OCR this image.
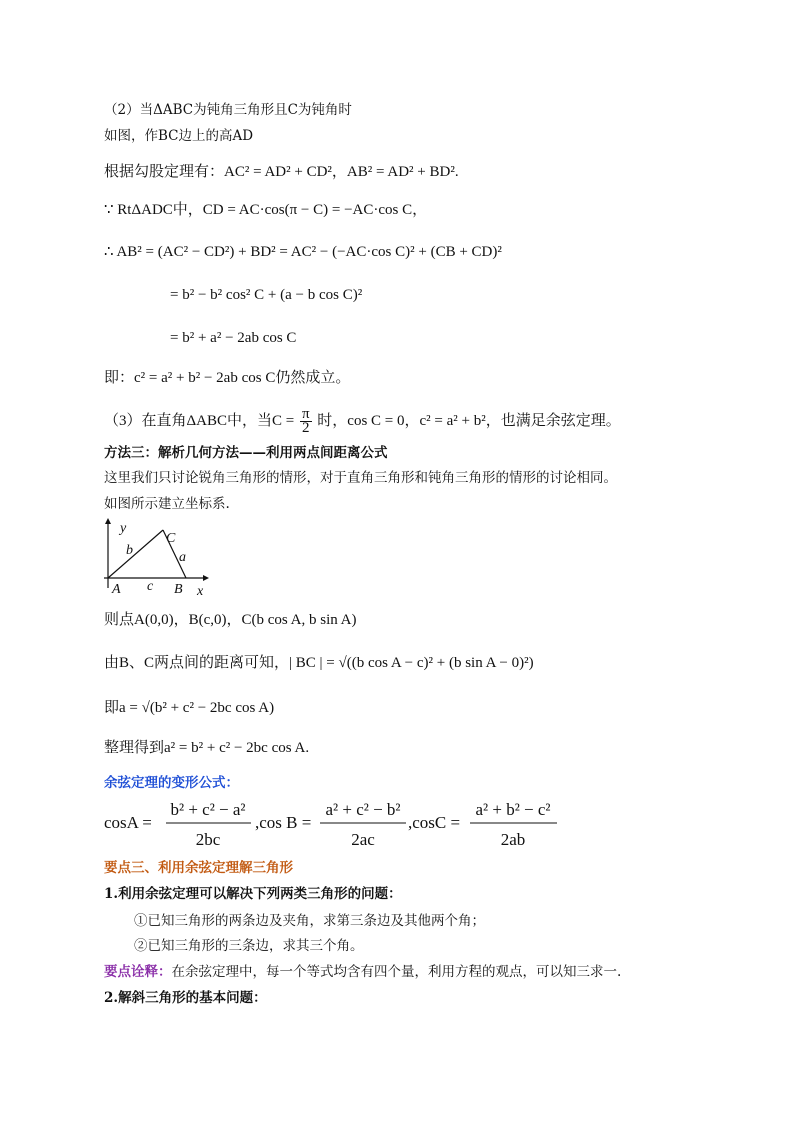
（2）当ΔABC为钝角三角形且C为钝角时
如图，作BC边上的高AD
根据勾股定理有：AC² = AD² + CD²，AB² = AD² + BD².
∵ RtΔADC中，CD = AC·cos(π − C) = −AC·cos C，
∴ AB² = (AC² − CD²) + BD² = AC² − (−AC·cos C)² + (CB + CD)²
= b² − b² cos² C + (a − b cos C)²
= b² + a² − 2ab cos C
即：c² = a² + b² − 2ab cos C仍然成立。
（3）在直角ΔABC中，当$C = \frac{\pi}{2}$ 时，cos C = 0，c² = a² + b²，也满足余弦定理。
方法三：解析几何方法——利用两点间距离公式
这里我们只讨论锐角三角形的情形，对于直角三角形和钝角三角形的情形的讨论相同。
如图所示建立坐标系.
y
x
A	B
C
a
b
c
则点A(0,0)，B(c,0)，C(b cos A, b sin A)
由B、C两点间的距离可知，| BC | = √((b cos A − c)² + (b sin A − 0)²)
即a = √(b² + c² − 2bc cos A)
整理得到a² = b² + c² − 2bc cos A.
余弦定理的变形公式：
cosA =
b² + c² − a²
2bc
,cos B =
a² + c² − b²
2ac
,cosC =
a² + b² − c²
2ab
要点三、利用余弦定理解三角形
1.利用余弦定理可以解决下列两类三角形的问题：
①已知三角形的两条边及夹角，求第三条边及其他两个角；
②已知三角形的三条边，求其三个角。
要点诠释：在余弦定理中，每一个等式均含有四个量，利用方程的观点，可以知三求一.
2.解斜三角形的基本问题：
